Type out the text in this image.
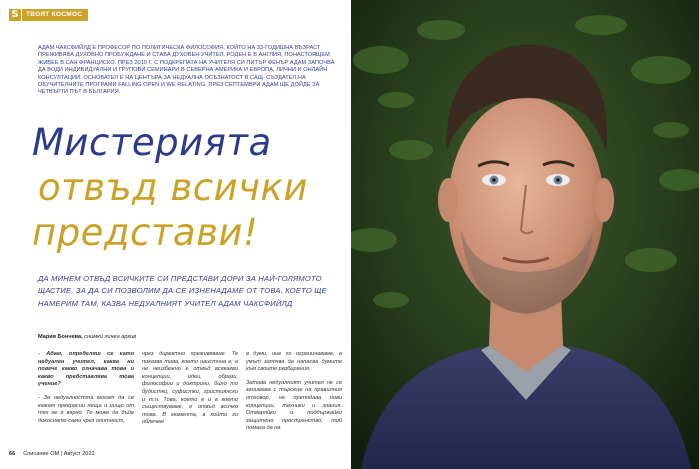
S	ТВОЯТ КОСМОС
АДАМ ЧАКСФИЙЛД Е ПРОФЕСОР ПО ПОЛИТИЧЕСКА ФИЛОСОФИЯ, КОЙТО НА 33-ГОДИШНА ВЪЗРАСТ ПРЕЖИВЯВА ДУХОВНО ПРОБУЖДАНЕ И СТАВА ДУХОВЕН УЧИТЕЛ. РОДЕН Е В АНГЛИЯ, ПОНАСТОЯЩЕМ ЖИВЕЕ В САН ФРАНЦИСКО. ПРЕЗ 2010 Г. С ПОДКРЕПАТА НА УЧИТЕЛЯ СИ ПИТЪР ФЕНЪР АДАМ ЗАПОЧВА ДА ВОДИ ИНДИВИДУАЛНИ И ГРУПОВИ СЕМИНАРИ В СЕВЕРНА АМЕРИКА И ЕВРОПА, ЛИЧНИ И ОНЛАЙН КОНСУЛТАЦИИ. ОСНОВАТЕЛ Е НА ЦЕНТЪРА ЗА НЕДУАЛНА ОСЪЗНАТОСТ В САЩ. СЪЗДАТЕЛ НА ОБУЧИТЕЛНИТЕ ПРОГРАМИ FALLING OPEN И WE RELATING. ПРЕЗ СЕПТЕМВРИ АДАМ ЩЕ ДОЙДЕ ЗА ЧЕТВЪРТИ ПЪТ В БЪЛГАРИЯ.
Мистерията
отвъд всички
представи!
ДА МИНЕМ ОТВЪД ВСИЧКИТЕ СИ ПРЕДСТАВИ ДОРИ ЗА НАЙ-ГОЛЯМОТО ЩАСТИЕ, ЗА ДА СИ ПОЗВОЛИМ ДА СЕ ИЗНЕНАДАМЕ ОТ ТОВА, КОЕТО ЩЕ НАМЕРИМ ТАМ, КАЗВА НЕДУАЛНИЯТ УЧИТЕЛ АДАМ ЧАКСФИЙЛД
Мария Бончева, снимки личен архив

- Адам, определяш се като недуален учител, каква ни повече какво означава това и какво представлява това учение?

- За недуалността могат да се кажат прекрасни неща и нищо от тях не е вярно. Те може да бъде докоснато само чрез опитност,

чрез директно преживяване. Те показва това, което наистина е, а не неизбежно е отвъд всякакви концепции, идеи, образи, философии и доктрини, било то будистки, суфистки, християнски и т.н. Това, което е и в което съществуваме, е отвъд всичко това. В момента, в който го облечем

в думи, ние го ограничаваме, а умът започва да напасва думите към своите разбирания.

Затова недуалният учител не се занимава с търсене на правилния отговор, не преподава нови концепции, техники и знания. Отваряйки и поддържайки защитено пространство, той помага да на

66 Списание ОМ | Август 2021
